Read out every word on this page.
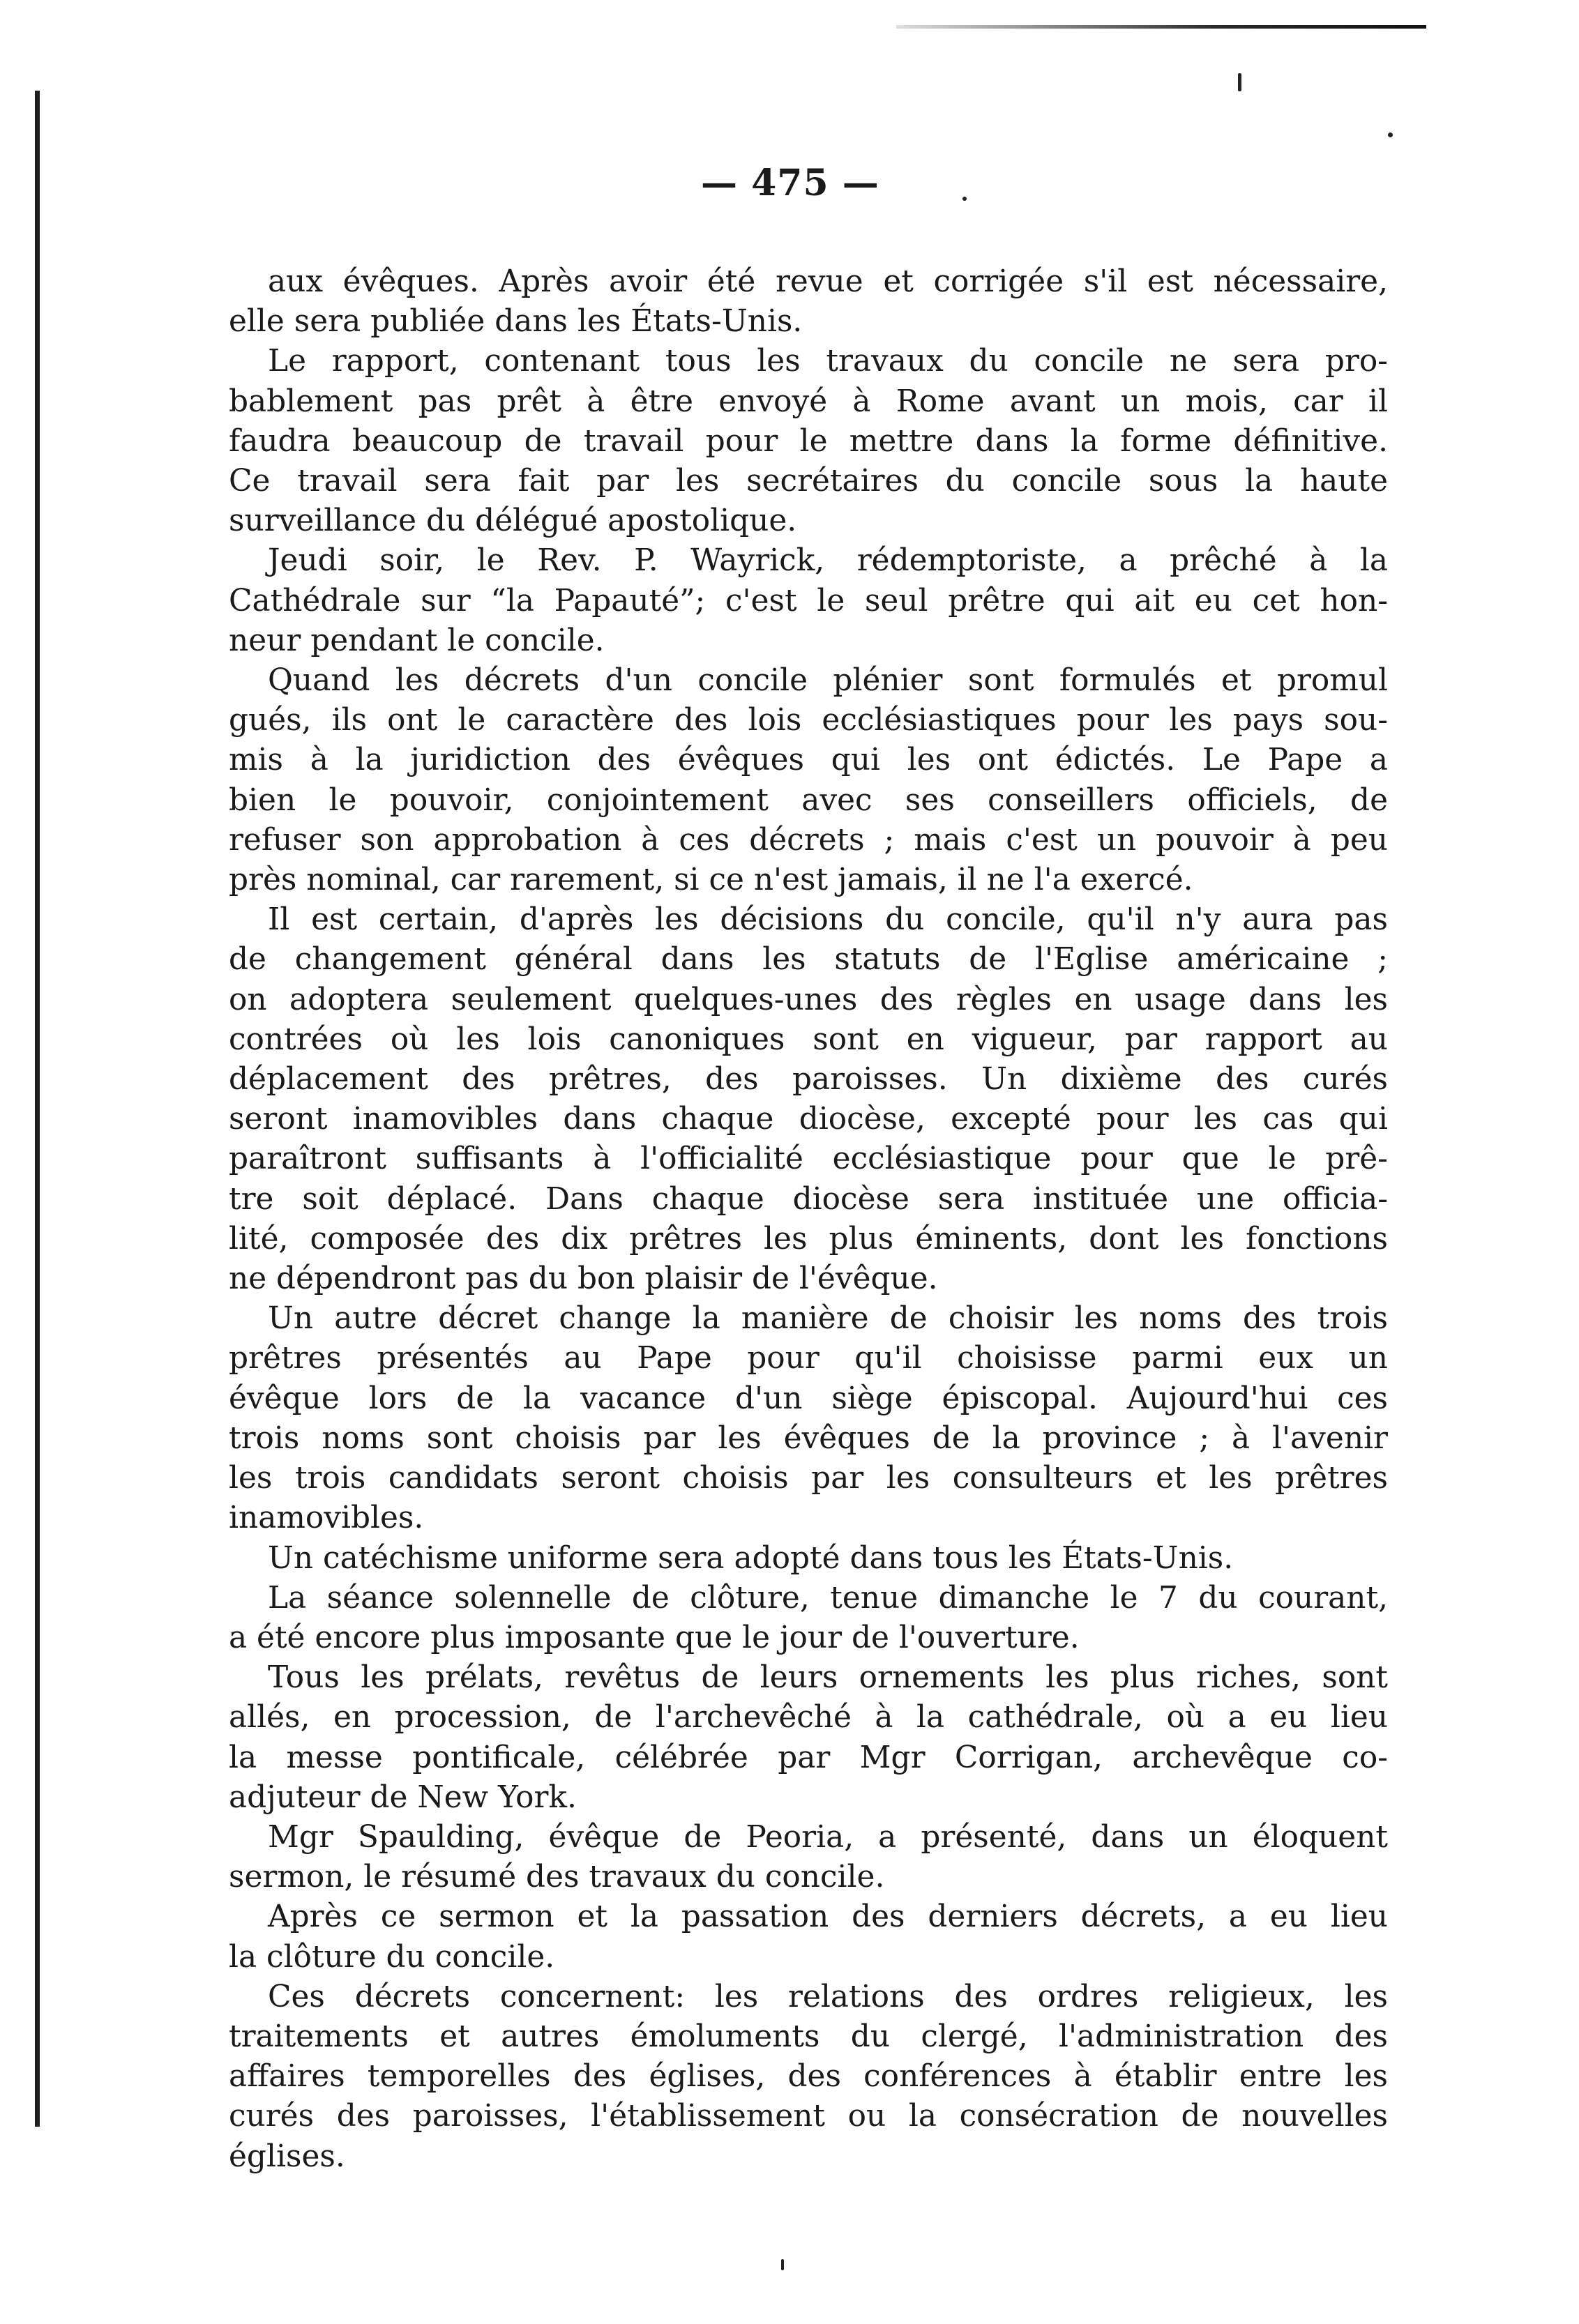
— 475 —
aux évêques. Après avoir été revue et corrigée s'il est nécessaire,
elle sera publiée dans les États-Unis.
Le rapport, contenant tous les travaux du concile ne sera pro-
bablement pas prêt à être envoyé à Rome avant un mois, car il
faudra beaucoup de travail pour le mettre dans la forme définitive.
Ce travail sera fait par les secrétaires du concile sous la haute
surveillance du délégué apostolique.
Jeudi soir, le Rev. P. Wayrick, rédemptoriste, a prêché à la
Cathédrale sur “la Papauté”; c'est le seul prêtre qui ait eu cet hon-
neur pendant le concile.
Quand les décrets d'un concile plénier sont formulés et promul
gués, ils ont le caractère des lois ecclésiastiques pour les pays sou-
mis à la juridiction des évêques qui les ont édictés. Le Pape a
bien le pouvoir, conjointement avec ses conseillers officiels, de
refuser son approbation à ces décrets ; mais c'est un pouvoir à peu
près nominal, car rarement, si ce n'est jamais, il ne l'a exercé.
Il est certain, d'après les décisions du concile, qu'il n'y aura pas
de changement général dans les statuts de l'Eglise américaine ;
on adoptera seulement quelques-unes des règles en usage dans les
contrées où les lois canoniques sont en vigueur, par rapport au
déplacement des prêtres, des paroisses. Un dixième des curés
seront inamovibles dans chaque diocèse, excepté pour les cas qui
paraîtront suffisants à l'officialité ecclésiastique pour que le prê-
tre soit déplacé. Dans chaque diocèse sera instituée une officia-
lité, composée des dix prêtres les plus éminents, dont les fonctions
ne dépendront pas du bon plaisir de l'évêque.
Un autre décret change la manière de choisir les noms des trois
prêtres présentés au Pape pour qu'il choisisse parmi eux un
évêque lors de la vacance d'un siège épiscopal. Aujourd'hui ces
trois noms sont choisis par les évêques de la province ; à l'avenir
les trois candidats seront choisis par les consulteurs et les prêtres
inamovibles.
Un catéchisme uniforme sera adopté dans tous les États-Unis.
La séance solennelle de clôture, tenue dimanche le 7 du courant,
a été encore plus imposante que le jour de l'ouverture.
Tous les prélats, revêtus de leurs ornements les plus riches, sont
allés, en procession, de l'archevêché à la cathédrale, où a eu lieu
la messe pontificale, célébrée par Mgr Corrigan, archevêque co-
adjuteur de New York.
Mgr Spaulding, évêque de Peoria, a présenté, dans un éloquent
sermon, le résumé des travaux du concile.
Après ce sermon et la passation des derniers décrets, a eu lieu
la clôture du concile.
Ces décrets concernent: les relations des ordres religieux, les
traitements et autres émoluments du clergé, l'administration des
affaires temporelles des églises, des conférences à établir entre les
curés des paroisses, l'établissement ou la consécration de nouvelles
églises.
